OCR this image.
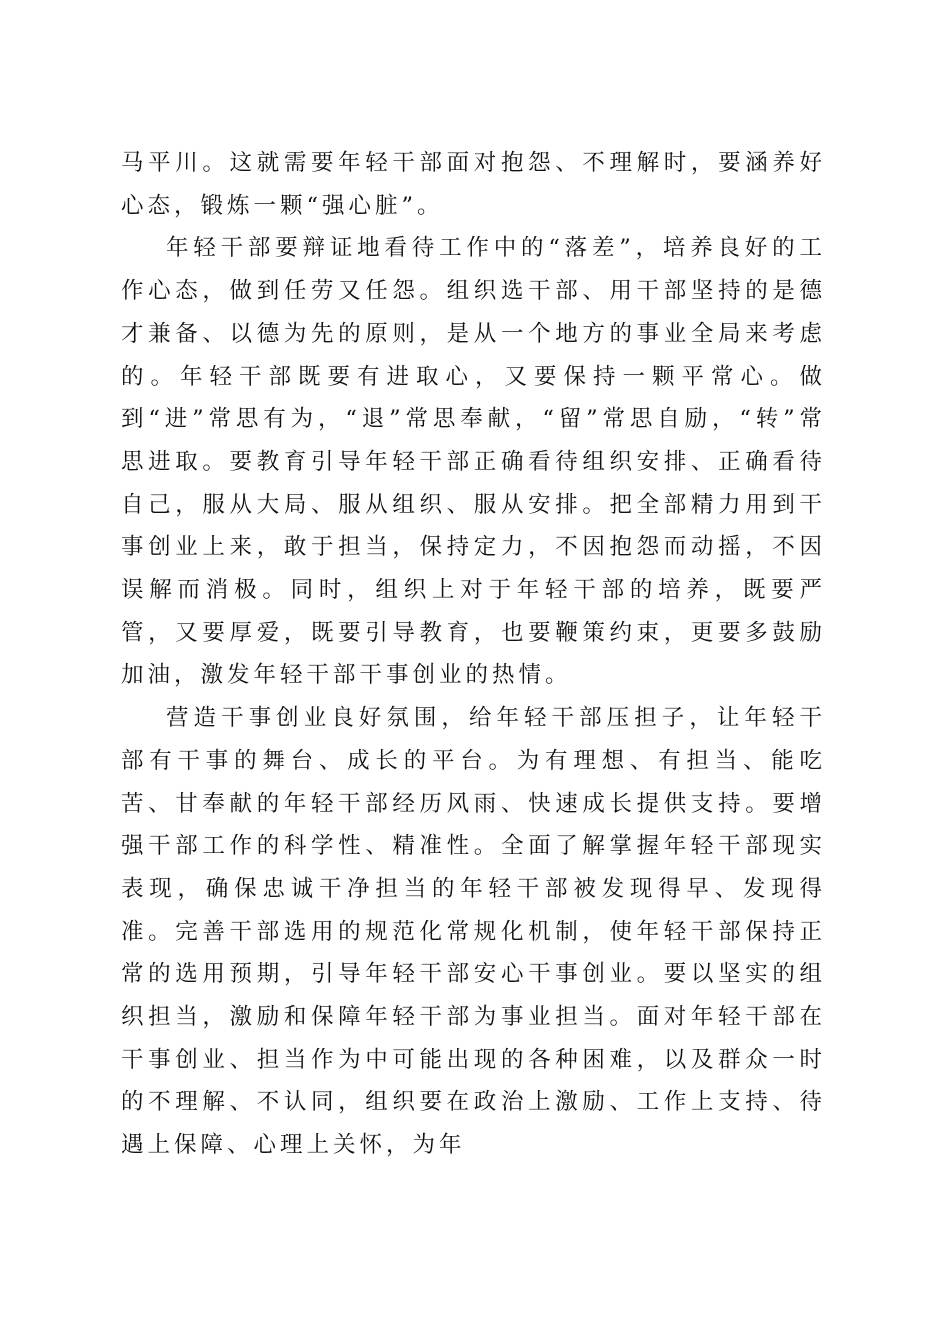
马平川。这就需要年轻干部面对抱怨、不理解时，要涵养好心态，锻炼一颗“强心脏”。

年轻干部要辩证地看待工作中的“落差”，培养良好的工作心态，做到任劳又任怨。组织选干部、用干部坚持的是德才兼备、以德为先的原则，是从一个地方的事业全局来考虑的。年轻干部既要有进取心，又要保持一颗平常心。做到“进”常思有为，“退”常思奉献，“留”常思自励，“转”常思进取。要教育引导年轻干部正确看待组织安排、正确看待自己，服从大局、服从组织、服从安排。把全部精力用到干事创业上来，敢于担当，保持定力，不因抱怨而动摇，不因误解而消极。同时，组织上对于年轻干部的培养，既要严管，又要厚爱，既要引导教育，也要鞭策约束，更要多鼓励加油，激发年轻干部干事创业的热情。

营造干事创业良好氛围，给年轻干部压担子，让年轻干部有干事的舞台、成长的平台。为有理想、有担当、能吃苦、甘奉献的年轻干部经历风雨、快速成长提供支持。要增强干部工作的科学性、精准性。全面了解掌握年轻干部现实表现，确保忠诚干净担当的年轻干部被发现得早、发现得准。完善干部选用的规范化常规化机制，使年轻干部保持正常的选用预期，引导年轻干部安心干事创业。要以坚实的组织担当，激励和保障年轻干部为事业担当。面对年轻干部在干事创业、担当作为中可能出现的各种困难，以及群众一时的不理解、不认同，组织要在政治上激励、工作上支持、待遇上保障、心理上关怀，为年
